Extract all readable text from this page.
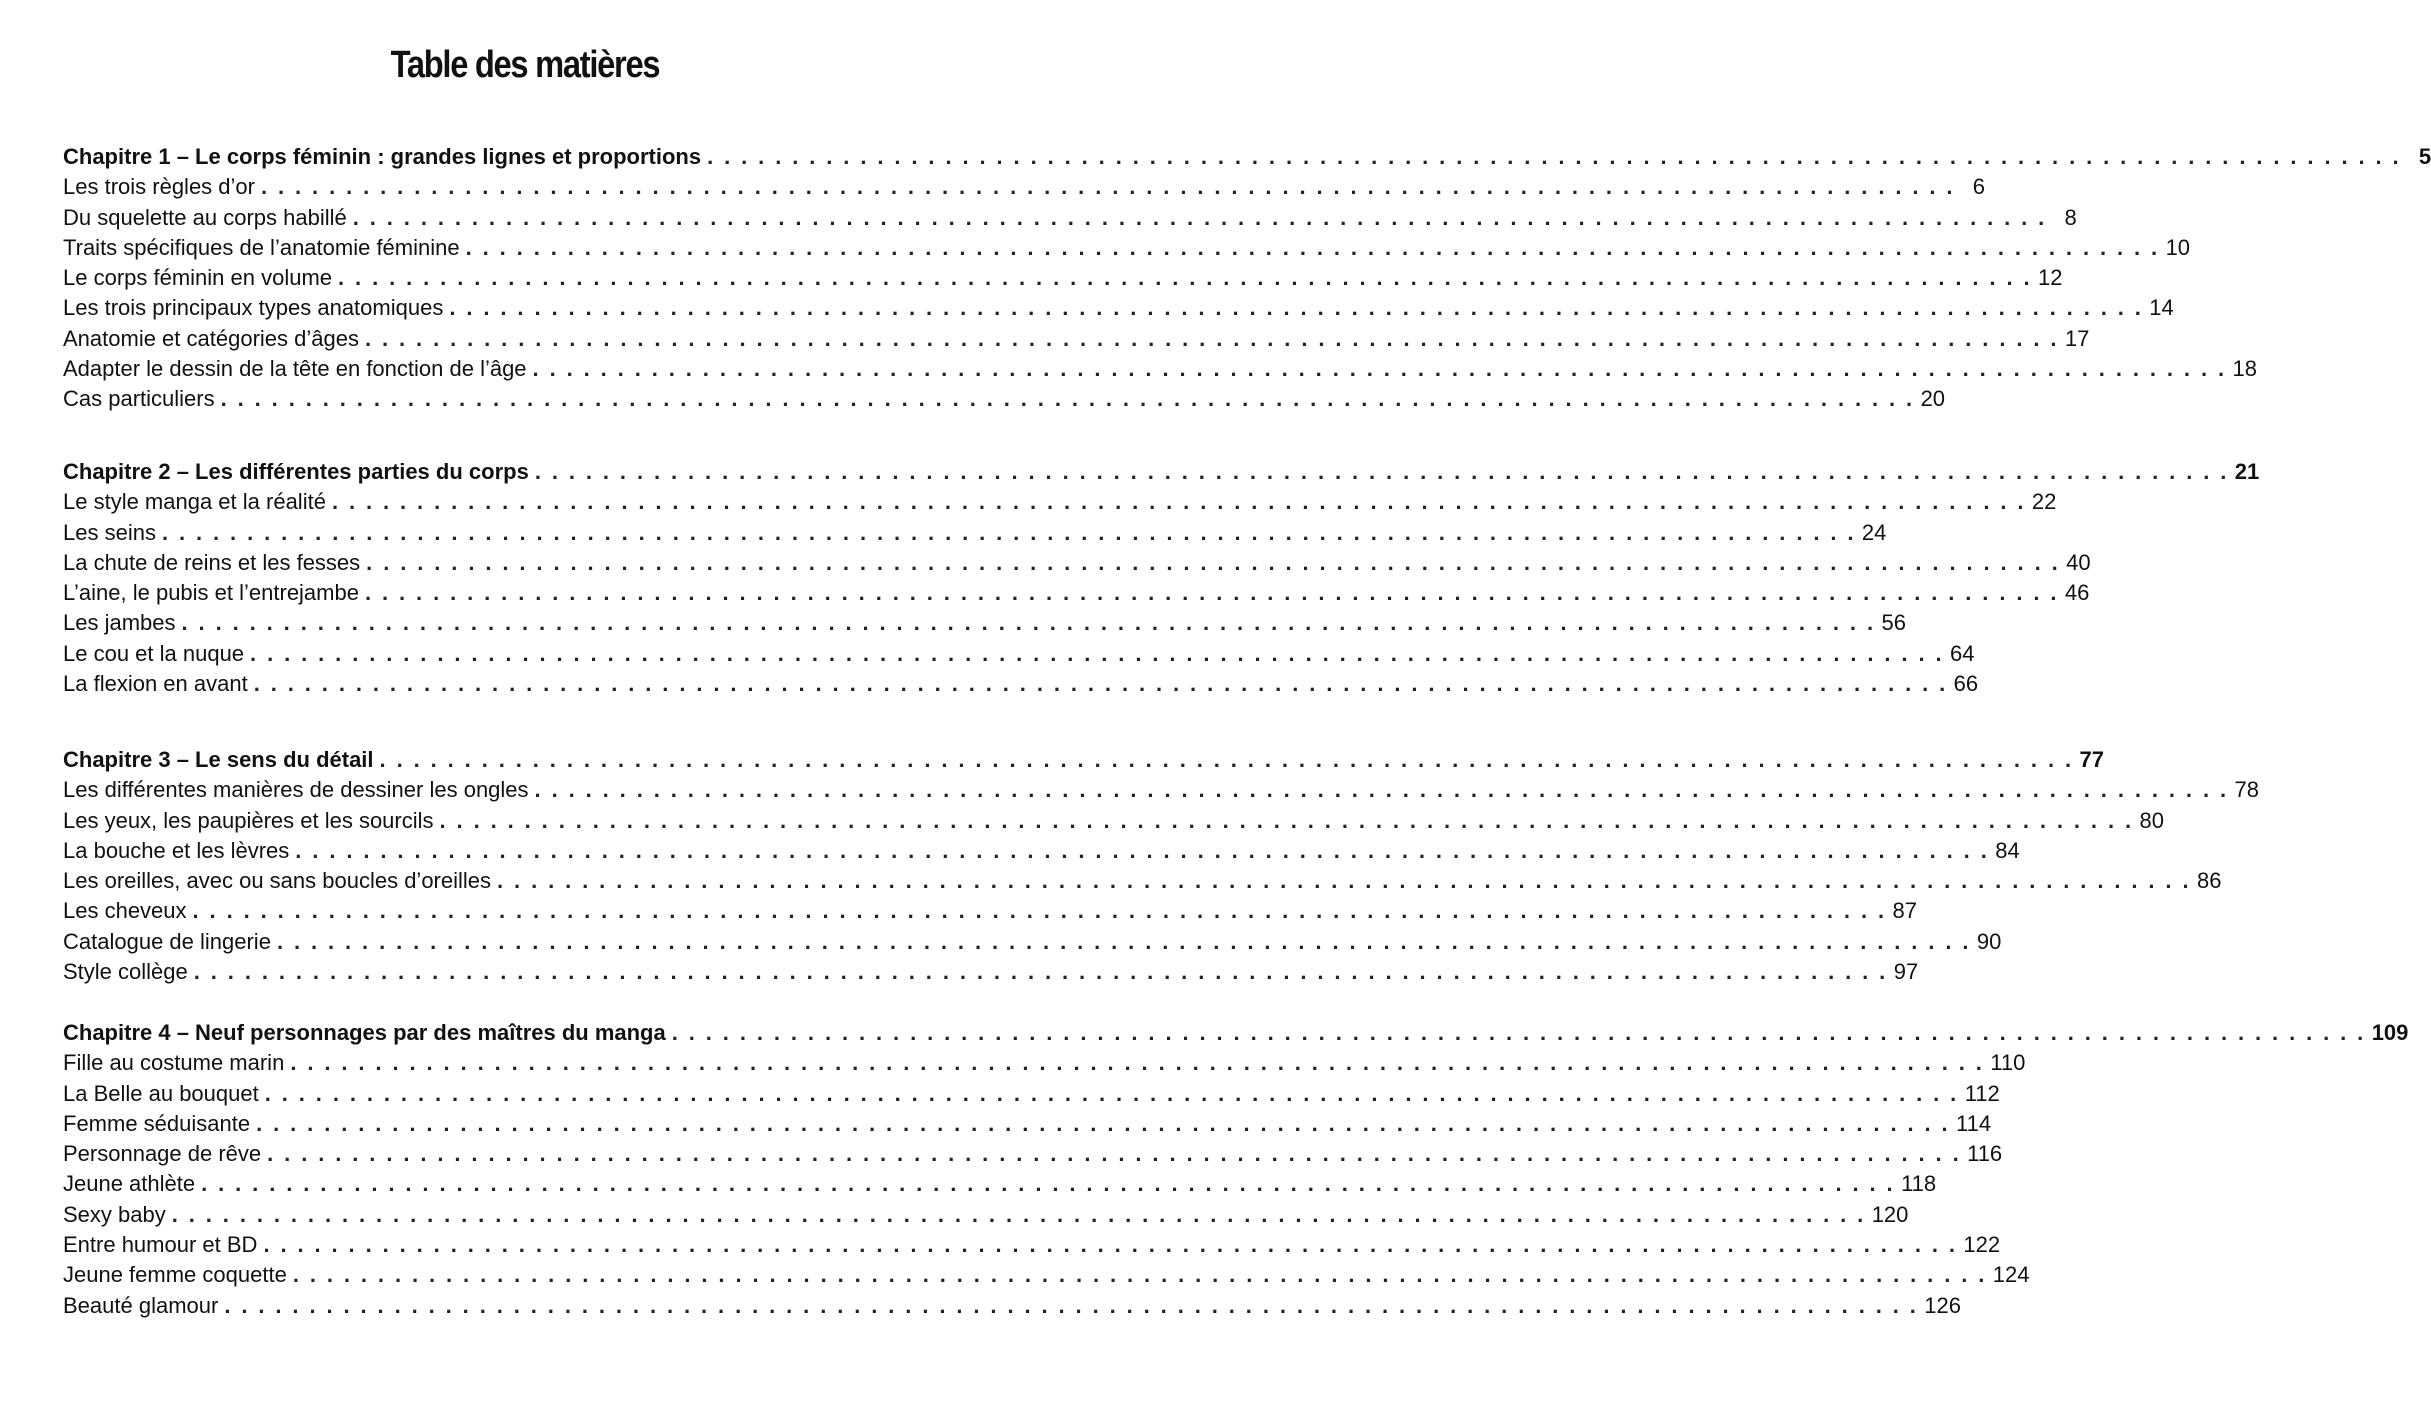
Table des matières
Chapitre 1 – Le corps féminin : grandes lignes et proportions . . . . . . . . . . . . . . . . . . . . . . . . . . . . . . . . . . . . . . . . . . . . . . . . . . . . . . . . . . . . . . . . . . . . . . . . . . . . . . . . . . . . . . . . . . . . . . . . . . . . 5
Les trois règles d’or . . . . . . . . . . . . . . . . . . . . . . . . . . . . . . . . . . . . . . . . . . . . . . . . . . . . . . . . . . . . . . . . . . . . . . . . . . . . . . . . . . . . . . . . . . . . . . . . . . . . 6
Du squelette au corps habillé . . . . . . . . . . . . . . . . . . . . . . . . . . . . . . . . . . . . . . . . . . . . . . . . . . . . . . . . . . . . . . . . . . . . . . . . . . . . . . . . . . . . . . . . . . . . . . . . . . . . 8
Traits spécifiques de l’anatomie féminine . . . . . . . . . . . . . . . . . . . . . . . . . . . . . . . . . . . . . . . . . . . . . . . . . . . . . . . . . . . . . . . . . . . . . . . . . . . . . . . . . . . . . . . . . . . . . . . . . . . . 10
Le corps féminin en volume . . . . . . . . . . . . . . . . . . . . . . . . . . . . . . . . . . . . . . . . . . . . . . . . . . . . . . . . . . . . . . . . . . . . . . . . . . . . . . . . . . . . . . . . . . . . . . . . . . . . 12
Les trois principaux types anatomiques . . . . . . . . . . . . . . . . . . . . . . . . . . . . . . . . . . . . . . . . . . . . . . . . . . . . . . . . . . . . . . . . . . . . . . . . . . . . . . . . . . . . . . . . . . . . . . . . . . . . 14
Anatomie et catégories d’âges . . . . . . . . . . . . . . . . . . . . . . . . . . . . . . . . . . . . . . . . . . . . . . . . . . . . . . . . . . . . . . . . . . . . . . . . . . . . . . . . . . . . . . . . . . . . . . . . . . . . 17
Adapter le dessin de la tête en fonction de l’âge . . . . . . . . . . . . . . . . . . . . . . . . . . . . . . . . . . . . . . . . . . . . . . . . . . . . . . . . . . . . . . . . . . . . . . . . . . . . . . . . . . . . . . . . . . . . . . . . . . . . 18
Cas particuliers . . . . . . . . . . . . . . . . . . . . . . . . . . . . . . . . . . . . . . . . . . . . . . . . . . . . . . . . . . . . . . . . . . . . . . . . . . . . . . . . . . . . . . . . . . . . . . . . . . . . 20
Chapitre 2 – Les différentes parties du corps . . . . . . . . . . . . . . . . . . . . . . . . . . . . . . . . . . . . . . . . . . . . . . . . . . . . . . . . . . . . . . . . . . . . . . . . . . . . . . . . . . . . . . . . . . . . . . . . . . . . 21
Le style manga et la réalité . . . . . . . . . . . . . . . . . . . . . . . . . . . . . . . . . . . . . . . . . . . . . . . . . . . . . . . . . . . . . . . . . . . . . . . . . . . . . . . . . . . . . . . . . . . . . . . . . . . . 22
Les seins . . . . . . . . . . . . . . . . . . . . . . . . . . . . . . . . . . . . . . . . . . . . . . . . . . . . . . . . . . . . . . . . . . . . . . . . . . . . . . . . . . . . . . . . . . . . . . . . . . . . 24
La chute de reins et les fesses . . . . . . . . . . . . . . . . . . . . . . . . . . . . . . . . . . . . . . . . . . . . . . . . . . . . . . . . . . . . . . . . . . . . . . . . . . . . . . . . . . . . . . . . . . . . . . . . . . . . 40
L’aine, le pubis et l’entrejambe . . . . . . . . . . . . . . . . . . . . . . . . . . . . . . . . . . . . . . . . . . . . . . . . . . . . . . . . . . . . . . . . . . . . . . . . . . . . . . . . . . . . . . . . . . . . . . . . . . . . 46
Les jambes . . . . . . . . . . . . . . . . . . . . . . . . . . . . . . . . . . . . . . . . . . . . . . . . . . . . . . . . . . . . . . . . . . . . . . . . . . . . . . . . . . . . . . . . . . . . . . . . . . . . 56
Le cou et la nuque . . . . . . . . . . . . . . . . . . . . . . . . . . . . . . . . . . . . . . . . . . . . . . . . . . . . . . . . . . . . . . . . . . . . . . . . . . . . . . . . . . . . . . . . . . . . . . . . . . . . 64
La flexion en avant . . . . . . . . . . . . . . . . . . . . . . . . . . . . . . . . . . . . . . . . . . . . . . . . . . . . . . . . . . . . . . . . . . . . . . . . . . . . . . . . . . . . . . . . . . . . . . . . . . . . 66
Chapitre 3 – Le sens du détail . . . . . . . . . . . . . . . . . . . . . . . . . . . . . . . . . . . . . . . . . . . . . . . . . . . . . . . . . . . . . . . . . . . . . . . . . . . . . . . . . . . . . . . . . . . . . . . . . . . . 77
Les différentes manières de dessiner les ongles . . . . . . . . . . . . . . . . . . . . . . . . . . . . . . . . . . . . . . . . . . . . . . . . . . . . . . . . . . . . . . . . . . . . . . . . . . . . . . . . . . . . . . . . . . . . . . . . . . . . 78
Les yeux, les paupières et les sourcils . . . . . . . . . . . . . . . . . . . . . . . . . . . . . . . . . . . . . . . . . . . . . . . . . . . . . . . . . . . . . . . . . . . . . . . . . . . . . . . . . . . . . . . . . . . . . . . . . . . . 80
La bouche et les lèvres . . . . . . . . . . . . . . . . . . . . . . . . . . . . . . . . . . . . . . . . . . . . . . . . . . . . . . . . . . . . . . . . . . . . . . . . . . . . . . . . . . . . . . . . . . . . . . . . . . . . 84
Les oreilles, avec ou sans boucles d’oreilles . . . . . . . . . . . . . . . . . . . . . . . . . . . . . . . . . . . . . . . . . . . . . . . . . . . . . . . . . . . . . . . . . . . . . . . . . . . . . . . . . . . . . . . . . . . . . . . . . . . . 86
Les cheveux . . . . . . . . . . . . . . . . . . . . . . . . . . . . . . . . . . . . . . . . . . . . . . . . . . . . . . . . . . . . . . . . . . . . . . . . . . . . . . . . . . . . . . . . . . . . . . . . . . . . 87
Catalogue de lingerie . . . . . . . . . . . . . . . . . . . . . . . . . . . . . . . . . . . . . . . . . . . . . . . . . . . . . . . . . . . . . . . . . . . . . . . . . . . . . . . . . . . . . . . . . . . . . . . . . . . . 90
Style collège . . . . . . . . . . . . . . . . . . . . . . . . . . . . . . . . . . . . . . . . . . . . . . . . . . . . . . . . . . . . . . . . . . . . . . . . . . . . . . . . . . . . . . . . . . . . . . . . . . . . 97
Chapitre 4 – Neuf personnages par des maîtres du manga . . . . . . . . . . . . . . . . . . . . . . . . . . . . . . . . . . . . . . . . . . . . . . . . . . . . . . . . . . . . . . . . . . . . . . . . . . . . . . . . . . . . . . . . . . . . . . . . . . . . 109
Fille au costume marin . . . . . . . . . . . . . . . . . . . . . . . . . . . . . . . . . . . . . . . . . . . . . . . . . . . . . . . . . . . . . . . . . . . . . . . . . . . . . . . . . . . . . . . . . . . . . . . . . . . . 110
La Belle au bouquet . . . . . . . . . . . . . . . . . . . . . . . . . . . . . . . . . . . . . . . . . . . . . . . . . . . . . . . . . . . . . . . . . . . . . . . . . . . . . . . . . . . . . . . . . . . . . . . . . . . . 112
Femme séduisante . . . . . . . . . . . . . . . . . . . . . . . . . . . . . . . . . . . . . . . . . . . . . . . . . . . . . . . . . . . . . . . . . . . . . . . . . . . . . . . . . . . . . . . . . . . . . . . . . . . . 114
Personnage de rêve . . . . . . . . . . . . . . . . . . . . . . . . . . . . . . . . . . . . . . . . . . . . . . . . . . . . . . . . . . . . . . . . . . . . . . . . . . . . . . . . . . . . . . . . . . . . . . . . . . . . 116
Jeune athlète . . . . . . . . . . . . . . . . . . . . . . . . . . . . . . . . . . . . . . . . . . . . . . . . . . . . . . . . . . . . . . . . . . . . . . . . . . . . . . . . . . . . . . . . . . . . . . . . . . . . 118
Sexy baby . . . . . . . . . . . . . . . . . . . . . . . . . . . . . . . . . . . . . . . . . . . . . . . . . . . . . . . . . . . . . . . . . . . . . . . . . . . . . . . . . . . . . . . . . . . . . . . . . . . . 120
Entre humour et BD . . . . . . . . . . . . . . . . . . . . . . . . . . . . . . . . . . . . . . . . . . . . . . . . . . . . . . . . . . . . . . . . . . . . . . . . . . . . . . . . . . . . . . . . . . . . . . . . . . . . 122
Jeune femme coquette . . . . . . . . . . . . . . . . . . . . . . . . . . . . . . . . . . . . . . . . . . . . . . . . . . . . . . . . . . . . . . . . . . . . . . . . . . . . . . . . . . . . . . . . . . . . . . . . . . . . 124
Beauté glamour . . . . . . . . . . . . . . . . . . . . . . . . . . . . . . . . . . . . . . . . . . . . . . . . . . . . . . . . . . . . . . . . . . . . . . . . . . . . . . . . . . . . . . . . . . . . . . . . . . . . 126
